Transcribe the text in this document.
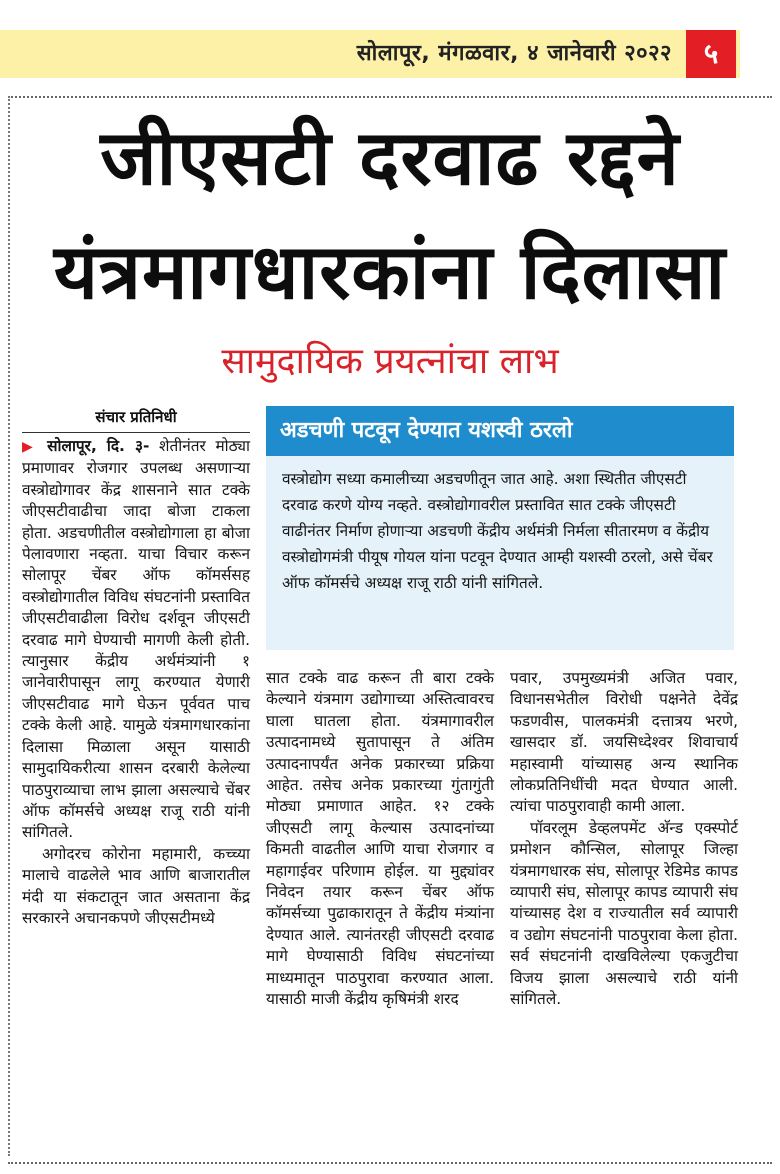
सोलापूर, मंगळवार, ४ जानेवारी २०२२	५
जीएसटी दरवाढ रद्दने
यंत्रमागधारकांना दिलासा
सामुदायिक प्रयत्नांचा लाभ
संचार प्रतिनिधी

▶ सोलापूर, दि. ३- शेतीनंतर मोठ्या प्रमाणावर रोजगार उपलब्ध असणाऱ्या वस्त्रोद्योगावर केंद्र शासनाने सात टक्के जीएसटीवाढीचा जादा बोजा टाकला होता. अडचणीतील वस्त्रोद्योगाला हा बोजा पेलावणारा नव्हता. याचा विचार करून सोलापूर चेंबर ऑफ कॉमर्ससह वस्त्रोद्योगातील विविध संघटनांनी प्रस्तावित जीएसटीवाढीला विरोध दर्शवून जीएसटी दरवाढ मागे घेण्याची मागणी केली होती. त्यानुसार केंद्रीय अर्थमंत्र्यांनी १ जानेवारीपासून लागू करण्यात येणारी जीएसटीवाढ मागे घेऊन पूर्ववत पाच टक्के केली आहे. यामुळे यंत्रमागधारकांना दिलासा मिळाला असून यासाठी सामुदायिकरीत्या शासन दरबारी केलेल्या पाठपुराव्याचा लाभ झाला असल्याचे चेंबर ऑफ कॉमर्सचे अध्यक्ष राजू राठी यांनी सांगितले.

अगोदरच कोरोना महामारी, कच्च्या मालाचे वाढलेले भाव आणि बाजारातील मंदी या संकटातून जात असताना केंद्र सरकारने अचानकपणे जीएसटीमध्ये

अडचणी पटवून देण्यात यशस्वी ठरलो
वस्त्रोद्योग सध्या कमालीच्या अडचणीतून जात आहे. अशा स्थितीत जीएसटी दरवाढ करणे योग्य नव्हते. वस्त्रोद्योगावरील प्रस्तावित सात टक्के जीएसटी वाढीनंतर निर्माण होणाऱ्या अडचणी केंद्रीय अर्थमंत्री निर्मला सीतारमण व केंद्रीय वस्त्रोद्योगमंत्री पीयूष गोयल यांना पटवून देण्यात आम्ही यशस्वी ठरलो, असे चेंबर ऑफ कॉमर्सचे अध्यक्ष राजू राठी यांनी सांगितले.

सात टक्के वाढ करून ती बारा टक्के केल्याने यंत्रमाग उद्योगाच्या अस्तित्वावरच घाला घातला होता. यंत्रमागावरील उत्पादनामध्ये सुतापासून ते अंतिम उत्पादनापर्यंत अनेक प्रकारच्या प्रक्रिया आहेत. तसेच अनेक प्रकारच्या गुंतागुंती मोठ्या प्रमाणात आहेत. १२ टक्के जीएसटी लागू केल्यास उत्पादनांच्या किमती वाढतील आणि याचा रोजगार व महागाईवर परिणाम होईल. या मुद्द्यांवर निवेदन तयार करून चेंबर ऑफ कॉमर्सच्या पुढाकारातून ते केंद्रीय मंत्र्यांना देण्यात आले. त्यानंतरही जीएसटी दरवाढ मागे घेण्यासाठी विविध संघटनांच्या माध्यमातून पाठपुरावा करण्यात आला. यासाठी माजी केंद्रीय कृषिमंत्री शरद

पवार, उपमुख्यमंत्री अजित पवार, विधानसभेतील विरोधी पक्षनेते देवेंद्र फडणवीस, पालकमंत्री दत्तात्रय भरणे, खासदार डॉ. जयसिध्देश्वर शिवाचार्य महास्वामी यांच्यासह अन्य स्थानिक लोकप्रतिनिधींची मदत घेण्यात आली. त्यांचा पाठपुरावाही कामी आला.

पॉवरलूम डेव्हलपमेंट अ‍ॅन्ड एक्स्पोर्ट प्रमोशन कौन्सिल, सोलापूर जिल्हा यंत्रमागधारक संघ, सोलापूर रेडिमेड कापड व्यापारी संघ, सोलापूर कापड व्यापारी संघ यांच्यासह देश व राज्यातील सर्व व्यापारी व उद्योग संघटनांनी पाठपुरावा केला होता. सर्व संघटनांनी दाखविलेल्या एकजुटीचा विजय झाला असल्याचे राठी यांनी सांगितले.
